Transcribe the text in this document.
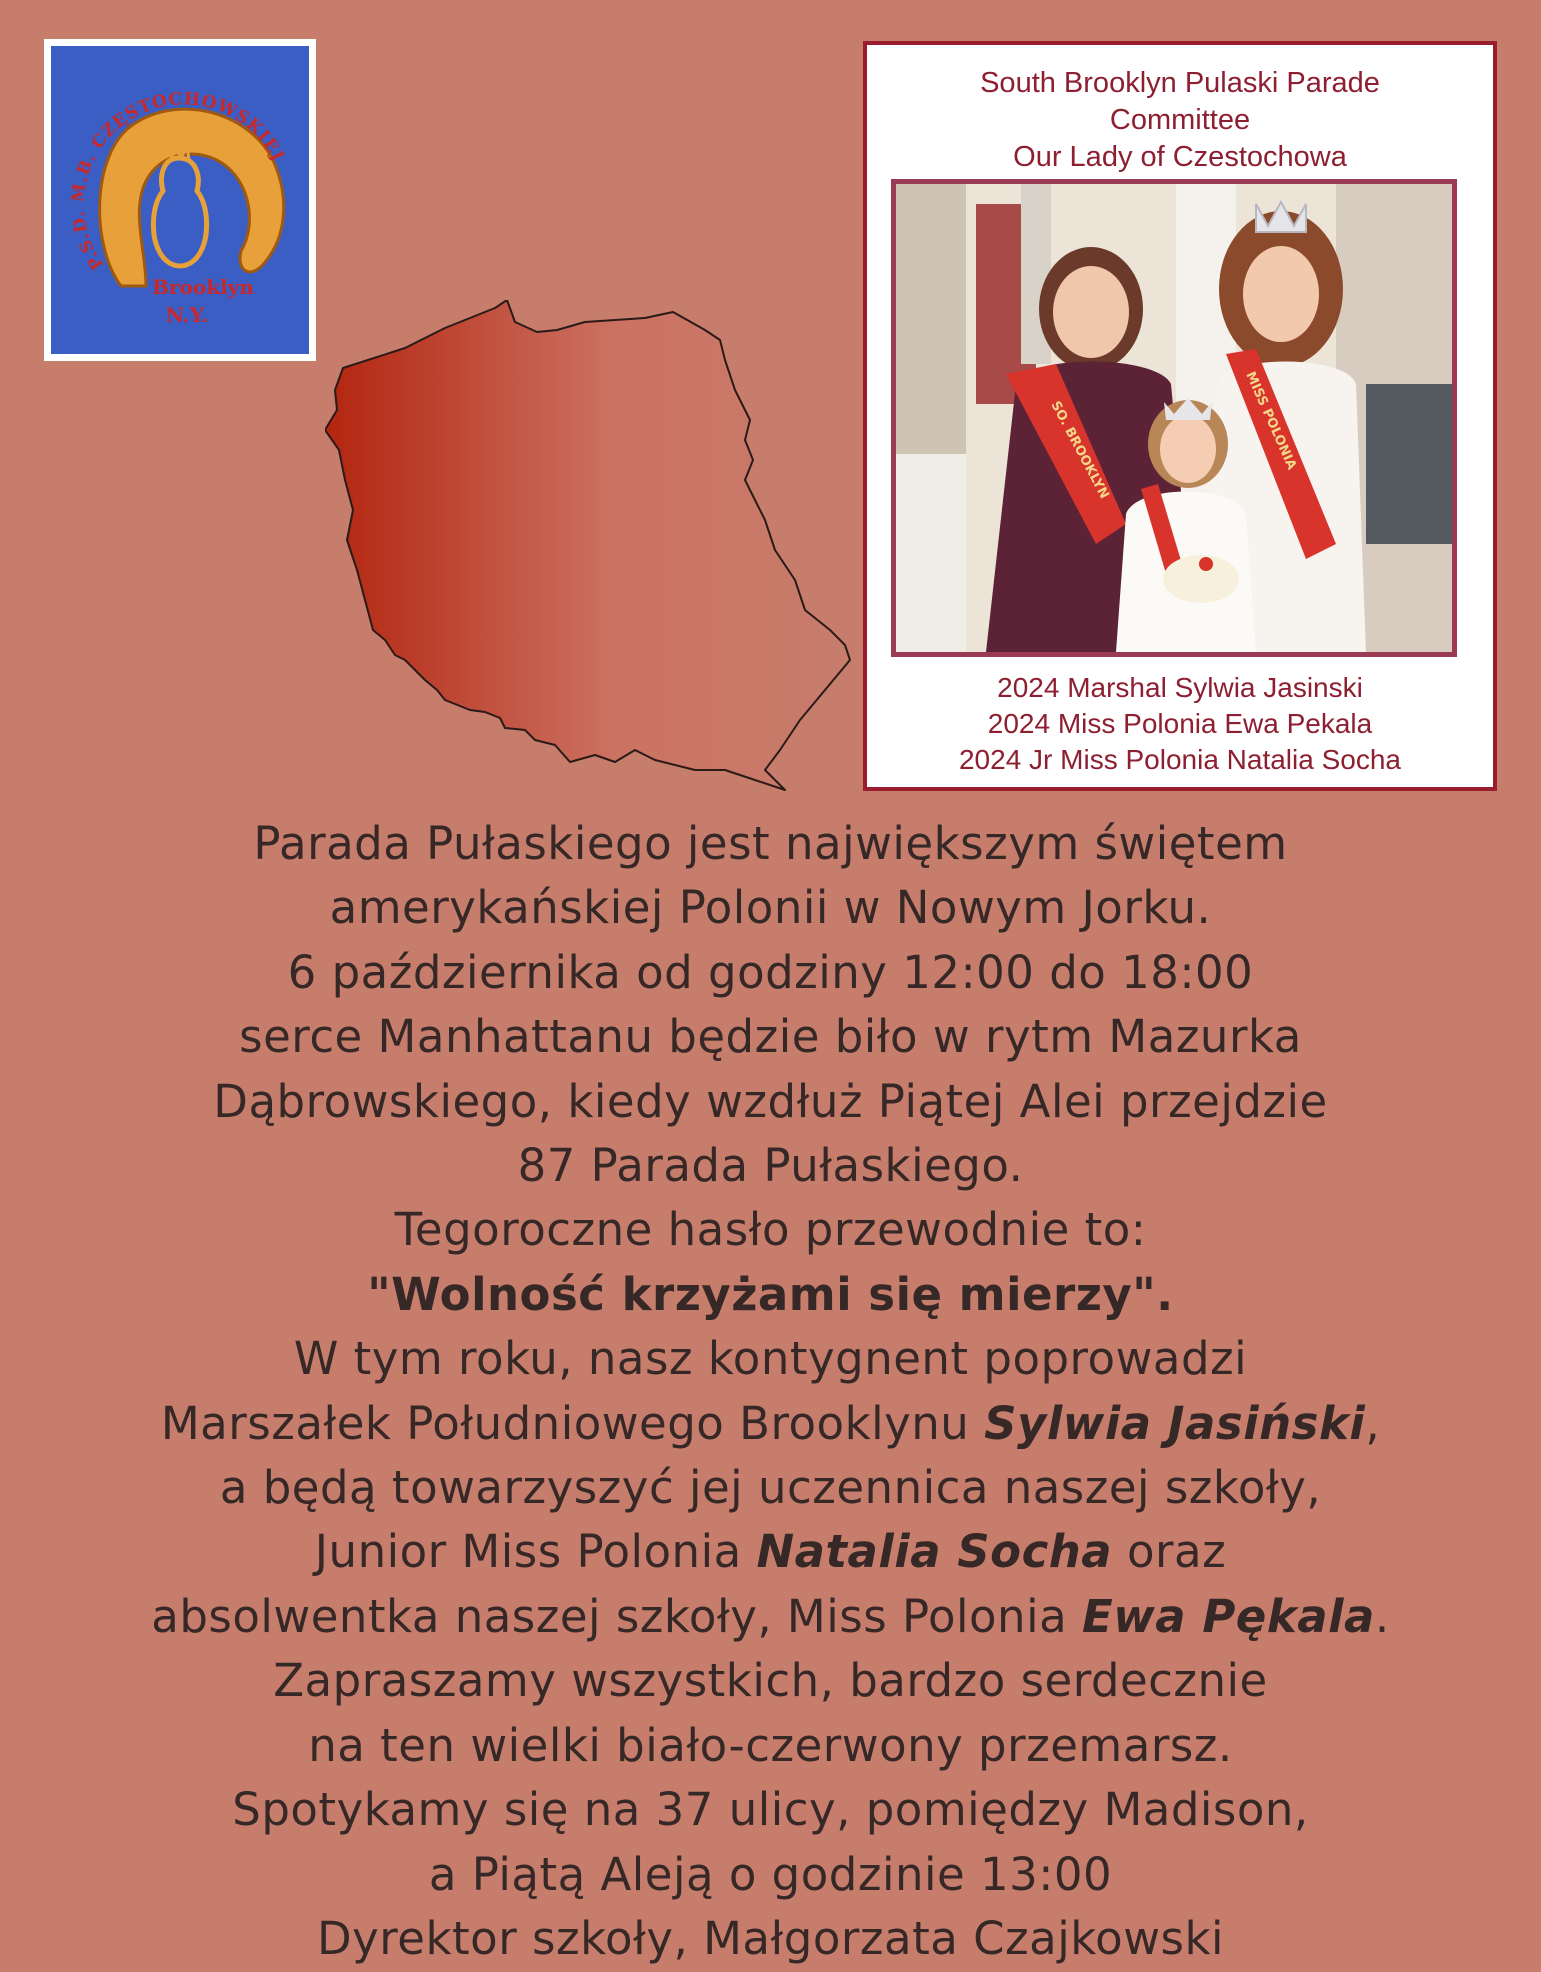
P.S.D. M.B. CZĘSTOCHOWSKIEJ
Brooklyn
N.Y.
South Brooklyn Pulaski Parade
Committee
Our Lady of Czestochowa
SO. BROOKLYN	MISS POLONIA
2024 Marshal Sylwia Jasinski
2024 Miss Polonia Ewa Pekala
2024 Jr Miss Polonia Natalia Socha
Parada Pułaskiego jest największym świętem
amerykańskiej Polonii w Nowym Jorku.
6 października od godziny 12:00 do 18:00
serce Manhattanu będzie biło w rytm Mazurka
Dąbrowskiego, kiedy wzdłuż Piątej Alei przejdzie
87 Parada Pułaskiego.
Tegoroczne hasło przewodnie to:
"Wolność krzyżami się mierzy".
W tym roku, nasz kontygnent poprowadzi
Marszałek Południowego Brooklynu Sylwia Jasiński,
a będą towarzyszyć jej uczennica naszej szkoły,
Junior Miss Polonia Natalia Socha oraz
absolwentka naszej szkoły, Miss Polonia Ewa Pękala.
Zapraszamy wszystkich, bardzo serdecznie
na ten wielki biało-czerwony przemarsz.
Spotykamy się na 37 ulicy, pomiędzy Madison,
a Piątą Aleją o godzinie 13:00
Dyrektor szkoły, Małgorzata Czajkowski
